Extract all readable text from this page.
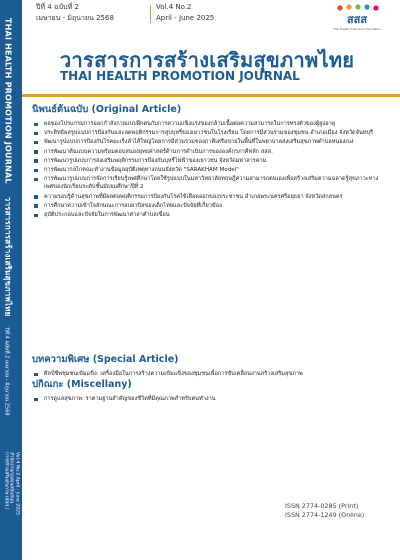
THAI HEALTH PROMOTION JOURNAL วารสารการสร้างเสริมสุขภาพไทย ปีที่ 4 ฉบับที่ 2 เมษายน - มิถุนายน 2568
Vol.4 No.2 April - June 2025
สำนักงานกองทุนสนับสนุน
การสร้างเสริมสุขภาพ (สสส.)
ปีที่ 4 ฉบับที่ 2
เมษายน - มิถุนายน 2568
Vol.4 No.2
April - June 2025	สสส
Thai Health Promotion Foundation
วารสารการสร้างเสริมสุขภาพไทย
THAI HEALTH PROMOTION JOURNAL
นิพนธ์ต้นฉบับ (Original Article)
ผลของโปรแกรมการออกกำลังกายแบบฝึกตนกับการความแข็งแรงของกล้ามเนื้อต่อความสามารถในการทรงตัวของผู้สูงอายุ
ประสิทธิผลรูปแบบการป้องกันและลดพฤติกรรมการสูบบุหรี่ของเยาวชนในโรงเรียน โดยการมีส่วนร่วมของชุมชน อำเภอเมือง จังหวัดจันทบุรี
พัฒนารูปแบบการป้องกันโรคมะเร็งลำไส้ใหญ่โดยการมีส่วนร่วมของภาคีเครือข่ายในพื้นที่ในพยาบาลส่งเสริมสุขภาพตำบลหนองเบง
การพัฒนาต้นแบบความพร้อมตอบสนองยุทธศาสตร์ด้านการดำเนินการขององค์กรภาคีหลัก สสส.
การพัฒนารูปแบบการส่งเสริมพฤติกรรมการป้องกันบุหรี่ไฟฟ้าของเยาวชน จังหวัดมหาสารคาม
การพัฒนากลไกคณะทำงานข้อมูลอุบัติเหตุทางถนนจังหวัด "SARAKHAM Model"
การพัฒนารูปแบบการจัดการเรียนรู้เพศศึกษาโดยใช้รูปแบบในมหาวิทยาลัยทฤษฎีความสามารถตนเองเพื่อสร้างเสริมความฉลาดรู้สุขภาวะทางเพศของนักเรียนระดับชั้นมัธยมศึกษาปีที่ 2
ความรอบรู้ด้านสุขภาพที่มีผลต่อพฤติกรรมการป้องกันโรคไข้เลือดออกของประชาชน อำเภอพระนครศรีอยุธยา จังหวัดสกลนคร
การศึกษาความเข้าใจลักษณะการอบยาบิลของเด็กไทยและปัจจัยที่เกี่ยวข้อง
อุบัติประกอบและปัจจัยในการพัฒนาศาลาตำบลเขื่อน
บทความพิเศษ (Special Article)
ศิลป์ชีพชุมชนเข้มแข็ง: เครื่องมือในการสร้างความเข้มแข็งของชุมชนเพื่อการขับเคลื่อนงานสร้างเสริมสุขภาพ
ปกิณกะ (Miscellany)
การดูแลสุขภาพ: ราตามฐานสำคัญของชีวิตที่มีคุณภาพสำหรับคนทำงาน
ISSN 2774-0285 (Print)
ISSN 2774-1249 (Online)
